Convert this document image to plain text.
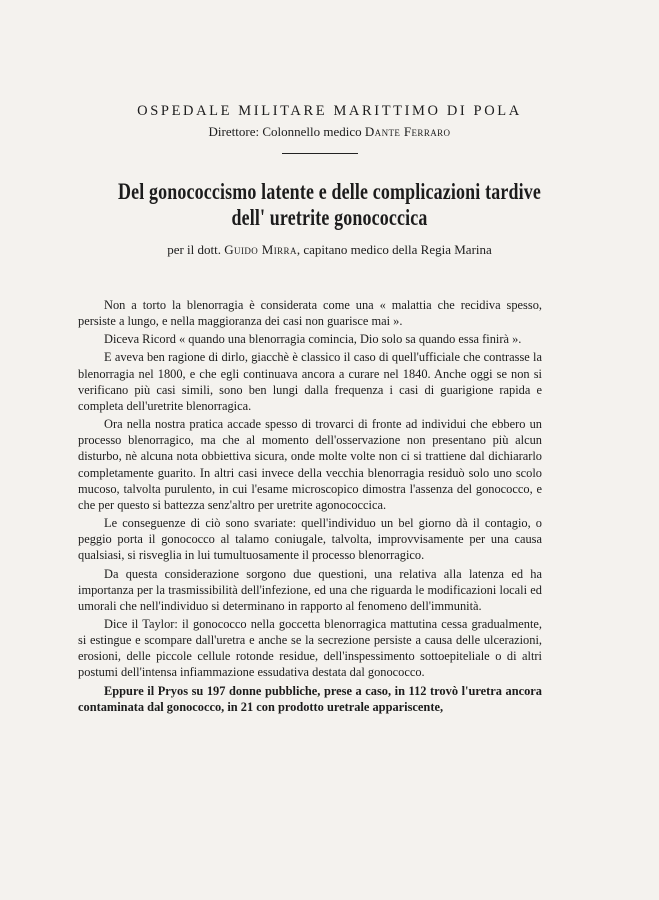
OSPEDALE MILITARE MARITTIMO DI POLA
Direttore: Colonnello medico Dante Ferraro
Del gonococcismo latente e delle complicazioni tardive
dell' uretrite gonococcica
per il dott. Guido Mirra, capitano medico della Regia Marina

Non a torto la blenorragia è considerata come una « malattia che recidiva spesso, persiste a lungo, e nella maggioranza dei casi non guarisce mai ».

Diceva Ricord « quando una blenorragia comincia, Dio solo sa quando essa finirà ».

E aveva ben ragione di dirlo, giacchè è classico il caso di quell'ufficiale che contrasse la blenorragia nel 1800, e che egli continuava ancora a curare nel 1840. Anche oggi se non si verificano più casi simili, sono ben lungi dalla frequenza i casi di guarigione rapida e completa dell'uretrite blenorragica.

Ora nella nostra pratica accade spesso di trovarci di fronte ad individui che ebbero un processo blenorragico, ma che al momento dell'osservazione non presentano più alcun disturbo, nè alcuna nota obbiettiva sicura, onde molte volte non ci si trattiene dal dichiararlo completamente guarito. In altri casi invece della vecchia blenorragia residuò solo uno scolo mucoso, talvolta purulento, in cui l'esame microscopico dimostra l'assenza del gonococco, e che per questo si battezza senz'altro per uretrite agonococcica.

Le conseguenze di ciò sono svariate: quell'individuo un bel giorno dà il contagio, o peggio porta il gonococco al talamo coniugale, talvolta, improvvisamente per una causa qualsiasi, si risveglia in lui tumultuosamente il processo blenorragico.

Da questa considerazione sorgono due questioni, una relativa alla latenza ed ha importanza per la trasmissibilità dell'infezione, ed una che riguarda le modificazioni locali ed umorali che nell'individuo si determinano in rapporto al fenomeno dell'immunità.

Dice il Taylor: il gonococco nella goccetta blenorragica mattutina cessa gradualmente, si estingue e scompare dall'uretra e anche se la secrezione persiste a causa delle ulcerazioni, erosioni, delle piccole cellule rotonde residue, dell'inspessimento sottoepiteliale o di altri postumi dell'intensa infiammazione essudativa destata dal gonococco.

Eppure il Pryos su 197 donne pubbliche, prese a caso, in 112 trovò l'uretra ancora contaminata dal gonococco, in 21 con prodotto uretrale appariscente,
